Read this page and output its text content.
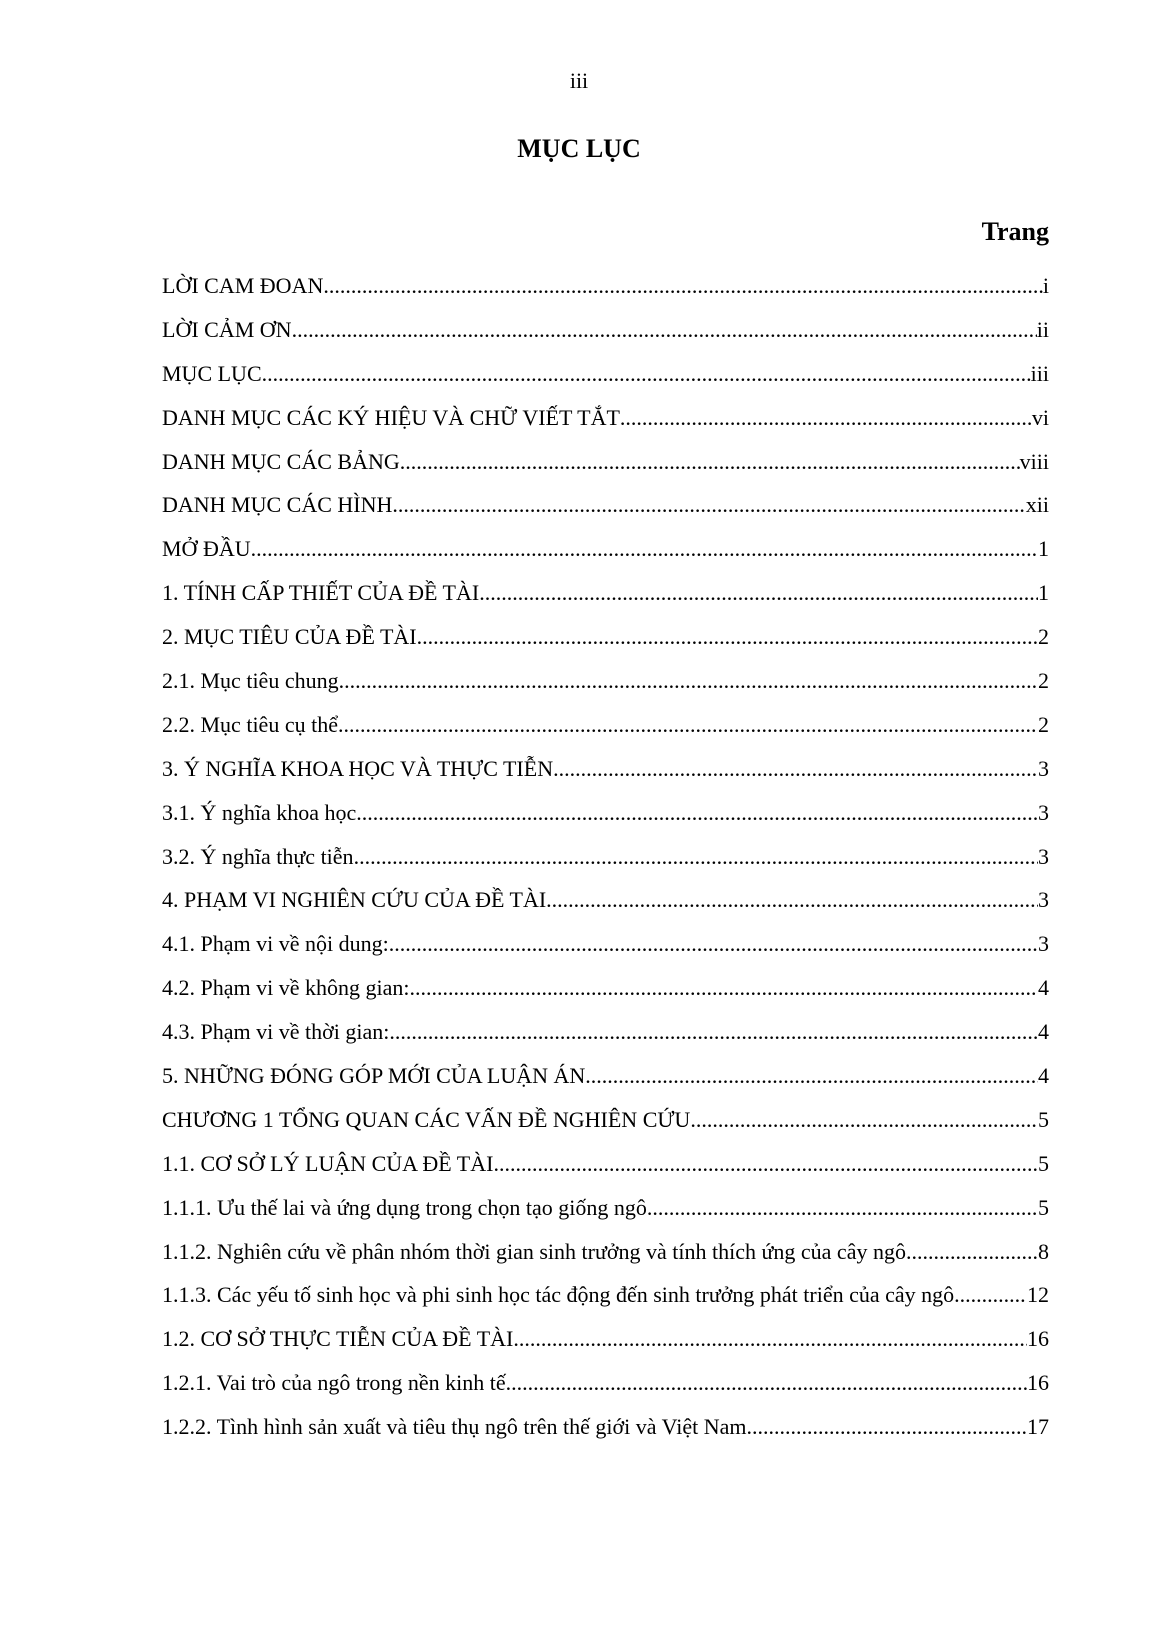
iii
MỤC LỤC
Trang
LỜI CAM ĐOAN .....	i
LỜI CẢM ƠN .....	ii
MỤC LỤC .....	iii
DANH MỤC CÁC KÝ HIỆU VÀ CHỮ VIẾT TẮT .....	vi
DANH MỤC CÁC BẢNG .....	viii
DANH MỤC CÁC HÌNH .....	xii
MỞ ĐẦU .....	1
1. TÍNH CẤP THIẾT CỦA ĐỀ TÀI .....	1
2. MỤC TIÊU CỦA ĐỀ TÀI .....	2
2.1. Mục tiêu chung .....	2
2.2. Mục tiêu cụ thể .....	2
3. Ý NGHĨA KHOA HỌC VÀ THỰC TIỄN .....	3
3.1. Ý nghĩa khoa học .....	3
3.2. Ý nghĩa thực tiễn .....	3
4. PHẠM VI NGHIÊN CỨU CỦA ĐỀ TÀI .....	3
4.1. Phạm vi về nội dung:. .....	3
4.2. Phạm vi về không gian:. .....	4
4.3. Phạm vi về thời gian:. .....	4
5. NHỮNG ĐÓNG GÓP MỚI CỦA LUẬN ÁN .....	4
CHƯƠNG 1 TỔNG QUAN CÁC VẤN ĐỀ NGHIÊN CỨU .....	5
1.1. CƠ SỞ LÝ LUẬN CỦA ĐỀ TÀI .....	5
1.1.1. Ưu thế lai và ứng dụng trong chọn tạo giống ngô .....	5
1.1.2. Nghiên cứu về phân nhóm thời gian sinh trưởng và tính thích ứng của cây ngô .....	8
1.1.3. Các yếu tố sinh học và phi sinh học tác động đến sinh trưởng phát triển của cây ngô .....	12
1.2. CƠ SỞ THỰC TIỄN CỦA ĐỀ TÀI .....	16
1.2.1. Vai trò của ngô trong nền kinh tế .....	16
1.2.2. Tình hình sản xuất và tiêu thụ ngô trên thế giới và Việt Nam .....	17
